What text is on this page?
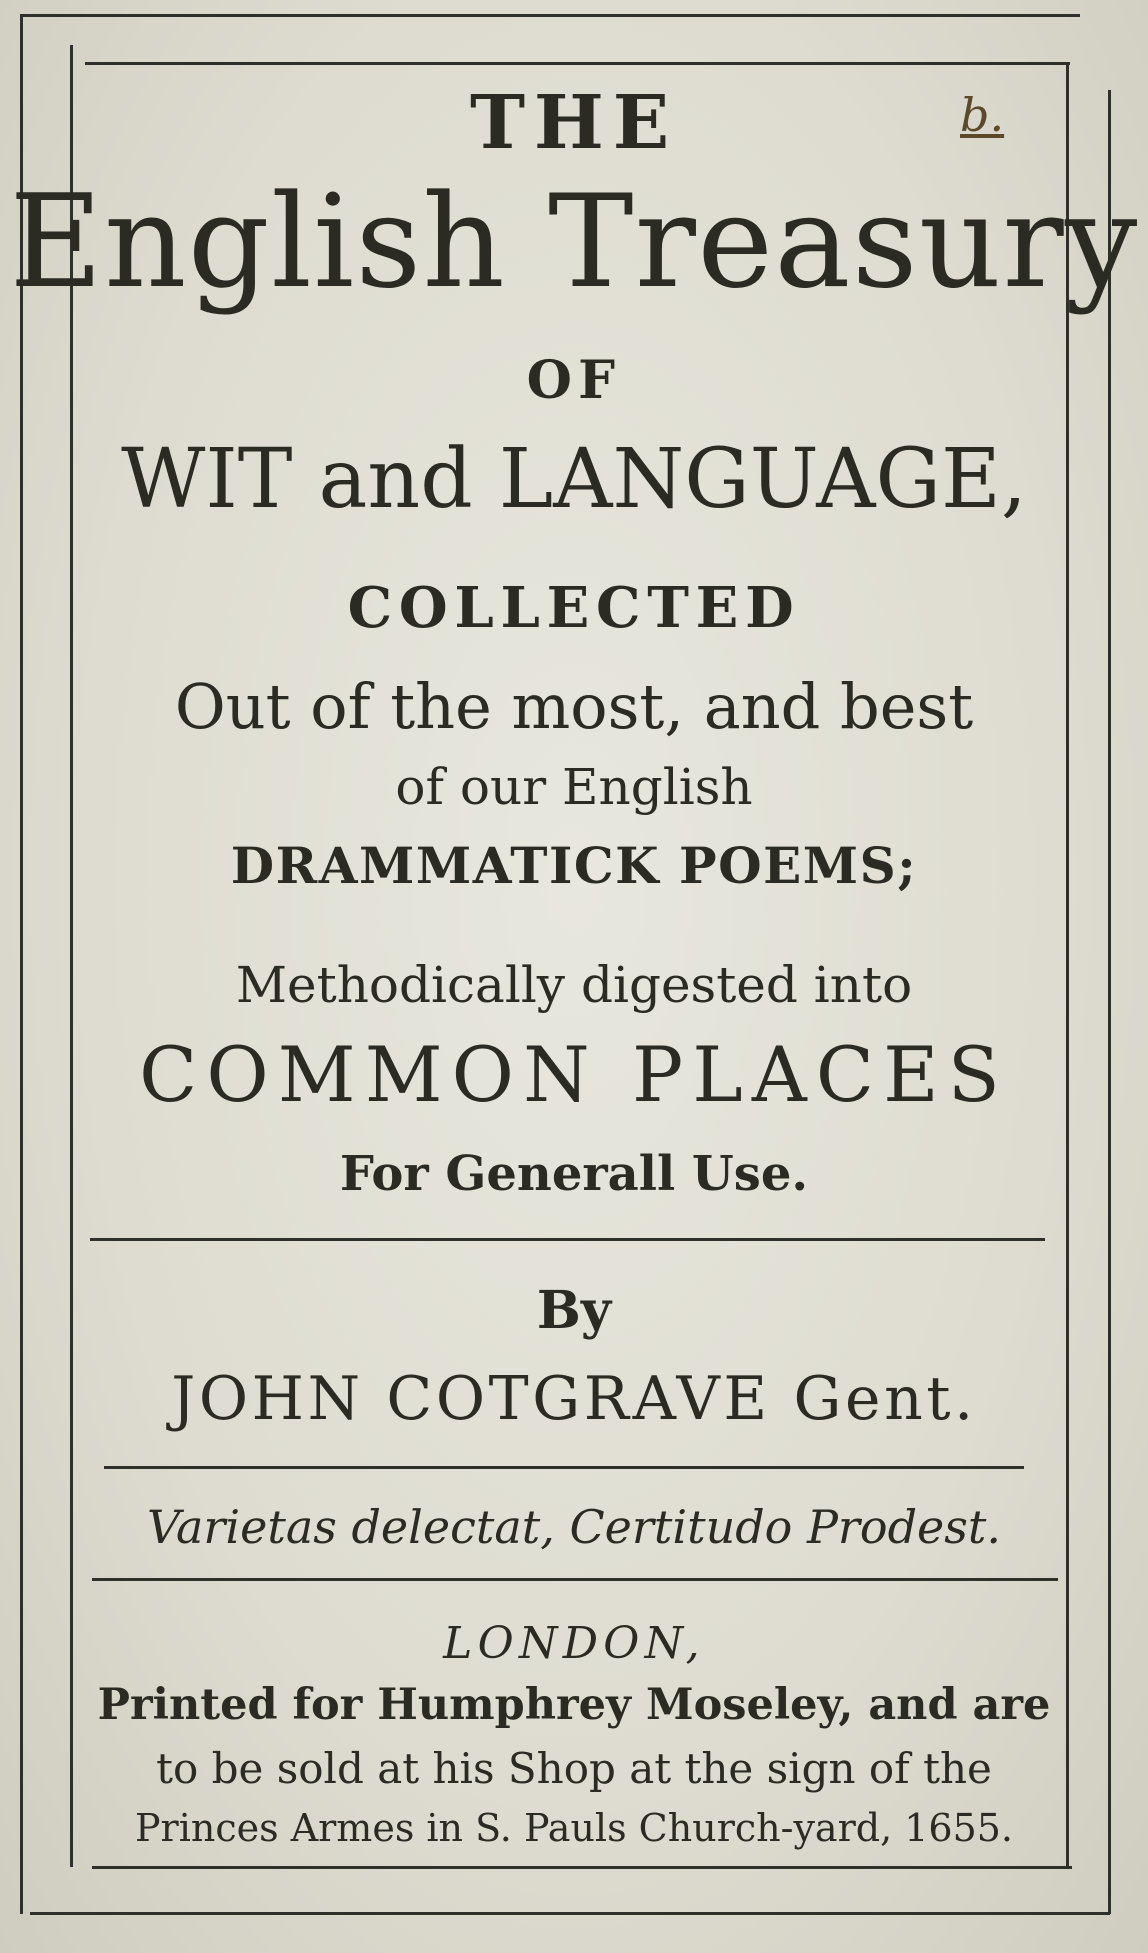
b.
THE
English Treasury
OF
WIT and LANGUAGE,
COLLECTED
Out of the most, and best
of our English
DRAMMATICK POEMS;
Methodically digested into
COMMON PLACES
For Generall Use.
By
JOHN COTGRAVE Gent.
Varietas delectat, Certitudo Prodest.
LONDON,
Printed for Humphrey Moseley, and are
to be sold at his Shop at the sign of the
Princes Armes in S. Pauls Church-yard, 1655.
